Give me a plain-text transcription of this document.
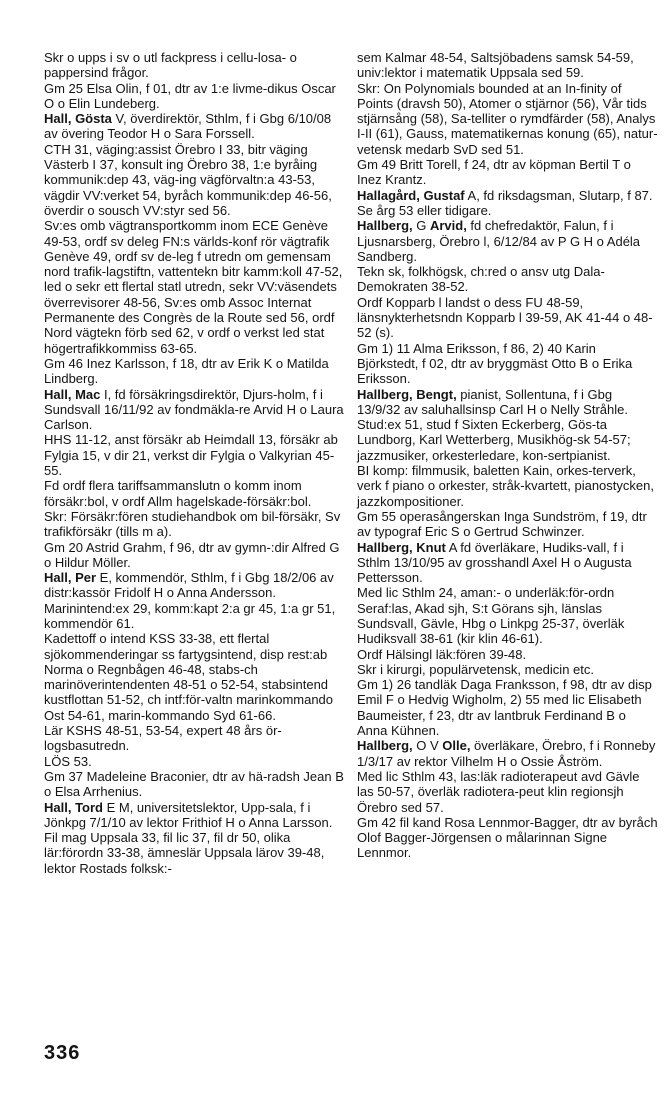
Skr o upps i sv o utl fackpress i cellu-losa- o pappersind frågor.

Gm 25 Elsa Olin, f 01, dtr av 1:e livme-dikus Oscar O o Elin Lundeberg.

Hall, Gösta V, överdirektör, Sthlm, f i Gbg 6/10/08 av övering Teodor H o Sara Forssell.

CTH 31, väging:assist Örebro I 33, bitr väging Västerb I 37, konsult ing Örebro 38, 1:e byråing kommunik:dep 43, väg-ing vägförvaltn:a 43-53, vägdir VV:verket 54, byråch kommunik:dep 46-56, överdir o sousch VV:styr sed 56.

Sv:es omb vägtransportkomm inom ECE Genève 49-53, ordf sv deleg FN:s världs-konf rör vägtrafik Genève 49, ordf sv de-leg f utredn om gemensam nord trafik-lagstiftn, vattentekn bitr kamm:koll 47-52, led o sekr ett flertal statl utredn, sekr VV:väsendets överrevisorer 48-56, Sv:es omb Assoc Internat Permanente des Congrès de la Route sed 56, ordf Nord vägtekn förb sed 62, v ordf o verkst led stat högertrafikkommiss 63-65.

Gm 46 Inez Karlsson, f 18, dtr av Erik K o Matilda Lindberg.

Hall, Mac I, fd försäkringsdirektör, Djurs-holm, f i Sundsvall 16/11/92 av fondmäkla-re Arvid H o Laura Carlson.

HHS 11-12, anst försäkr ab Heimdall 13, försäkr ab Fylgia 15, v dir 21, verkst dir Fylgia o Valkyrian 45-55.

Fd ordf flera tariffsammanslutn o komm inom försäkr:bol, v ordf Allm hagelskade-försäkr:bol.

Skr: Försäkr:fören studiehandbok om bil-försäkr, Sv trafikförsäkr (tills m a).

Gm 20 Astrid Grahm, f 96, dtr av gymn-:dir Alfred G o Hildur Möller.

Hall, Per E, kommendör, Sthlm, f i Gbg 18/2/06 av distr:kassör Fridolf H o Anna Andersson.

Marinintend:ex 29, komm:kapt 2:a gr 45, 1:a gr 51, kommendör 61.

Kadettoff o intend KSS 33-38, ett flertal sjökommenderingar ss fartygsintend, disp rest:ab Norma o Regnbågen 46-48, stabs-ch marinöverintendenten 48-51 o 52-54, stabsintend kustflottan 51-52, ch intf:för-valtn marinkommando Ost 54-61, marin-kommando Syd 61-66.

Lär KSHS 48-51, 53-54, expert 48 års ör-logsbasutredn.

LÖS 53.

Gm 37 Madeleine Braconier, dtr av hä-radsh Jean B o Elsa Arrhenius.

Hall, Tord E M, universitetslektor, Upp-sala, f i Jönkpg 7/1/10 av lektor Frithiof H o Anna Larsson.

Fil mag Uppsala 33, fil lic 37, fil dr 50, olika lär:förordn 33-38, ämneslär Uppsala lärov 39-48, lektor Rostads folksk:-

sem Kalmar 48-54, Saltsjöbadens samsk 54-59, univ:lektor i matematik Uppsala sed 59.

Skr: On Polynomials bounded at an In-finity of Points (dravsh 50), Atomer o stjärnor (56), Vår tids stjärnsång (58), Sa-telliter o rymdfärder (58), Analys I-II (61), Gauss, matematikernas konung (65), natur-vetensk medarb SvD sed 51.

Gm 49 Britt Torell, f 24, dtr av köpman Bertil T o Inez Krantz.

Hallagård, Gustaf A, fd riksdagsman, Slutarp, f 87. Se årg 53 eller tidigare.

Hallberg, G Arvid, fd chefredaktör, Falun, f i Ljusnarsberg, Örebro l, 6/12/84 av P G H o Adéla Sandberg.

Tekn sk, folkhögsk, ch:red o ansv utg Dala-Demokraten 38-52.

Ordf Kopparb l landst o dess FU 48-59, länsnykterhetsndn Kopparb l 39-59, AK 41-44 o 48-52 (s).

Gm 1) 11 Alma Eriksson, f 86, 2) 40 Karin Björkstedt, f 02, dtr av bryggmäst Otto B o Erika Eriksson.

Hallberg, Bengt, pianist, Sollentuna, f i Gbg 13/9/32 av saluhallsinsp Carl H o Nelly Stråhle.

Stud:ex 51, stud f Sixten Eckerberg, Gös-ta Lundborg, Karl Wetterberg, Musikhög-sk 54-57; jazzmusiker, orkesterledare, kon-sertpianist.

BI komp: filmmusik, baletten Kain, orkes-terverk, verk f piano o orkester, stråk-kvartett, pianostycken, jazzkompositioner.

Gm 55 operasångerskan Inga Sundström, f 19, dtr av typograf Eric S o Gertrud Schwinzer.

Hallberg, Knut A fd överläkare, Hudiks-vall, f i Sthlm 13/10/95 av grosshandl Axel H o Augusta Pettersson.

Med lic Sthlm 24, aman:- o underläk:för-ordn Seraf:las, Akad sjh, S:t Görans sjh, länslas Sundsvall, Gävle, Hbg o Linkpg 25-37, överläk Hudiksvall 38-61 (kir klin 46-61).

Ordf Hälsingl läk:fören 39-48.

Skr i kirurgi, populärvetensk, medicin etc.

Gm 1) 26 tandläk Daga Franksson, f 98, dtr av disp Emil F o Hedvig Wigholm, 2) 55 med lic Elisabeth Baumeister, f 23, dtr av lantbruk Ferdinand B o Anna Kühnen.

Hallberg, O V Olle, överläkare, Örebro, f i Ronneby 1/3/17 av rektor Vilhelm H o Ossie Åström.

Med lic Sthlm 43, las:läk radioterapeut avd Gävle las 50-57, överläk radiotera-peut klin regionsjh Örebro sed 57.

Gm 42 fil kand Rosa Lennmor-Bagger, dtr av byråch Olof Bagger-Jörgensen o målarinnan Signe Lennmor.

336
